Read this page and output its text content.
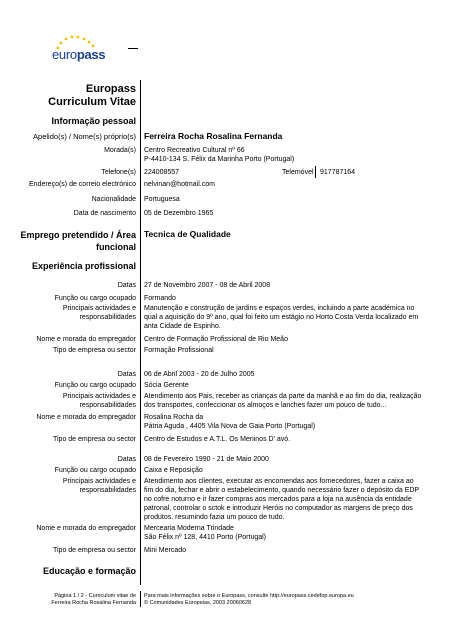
europass
Europass
Curriculum Vitae
Informação pessoal
Apelido(s) / Nome(s) próprio(s) Ferreira Rocha Rosalina Fernanda
Morada(s) Centro Recreativo Cultural nº 66
P-4410-134 S. Félix da Marinha Porto (Portugal)
Telefone(s) 224008557	Telemóvel 917787164
Endereço(s) de correio electrónico nelvinan@hotmail.com
Nacionalidade Portuguesa
Data de nascimento 05 de Dezembro 1965
Emprego pretendido / Área
funcional
Tecnica de Qualidade
Experiência profissional
Datas 27 de Novembro 2007 - 08 de Abril 2008
Função ou cargo ocupado Formando
Principais actividades e
responsabilidades
Manutenção e construção de jardins e espaços verdes, incluindo a parte académica no qual a aquisição do 9º ano, qual foi feito um estágio no Horto Costa Verda localizado em anta Cidade de Espinho.
Nome e morada do empregador Centro de Formação Profissional de Rio Meão
Tipo de empresa ou sector Formação Profissional
Datas 06 de Abril 2003 - 20 de Julho 2005
Função ou cargo ocupado Sócia Gerente
Principais actividades e
responsabilidades
Atendimento aos Pais, receber as crianças da parte da manhã e ao fim do dia, realização dos transportes, confeccionar os almoços e lanches fazer um pouco de tudo...
Nome e morada do empregador Rosalina Rocha da
Pátria Aguda , 4405 Vila Nova de Gaia Porto (Portugal)
Tipo de empresa ou sector Centro de Estudos e A.T.L. Os Meninos D' avó.
Datas 08 de Fevereiro 1990 - 21 de Maio 2000
Função ou cargo ocupado Caixa e Reposição
Principais actividades e
responsabilidades
Atendimento aos clientes, executar as encomendas aos fornecedores, fazer a caixa ao fim do dia, fechar e abrir o estabelecimento, quando necessário fazer o depósito da EDP no cofre noturno e ir fazer compras aos mercados para a loja na ausência da entidade patronal, controlar o sctok e introduzir Heróis no computador as margens de preço dos produtos. resumindo fazia um pouco de tudo.
Nome e morada do empregador Mercearia Moderna Trindade
São Félix nº 128, 4410 Porto (Portugal)
Tipo de empresa ou sector Mini Mercado
Educação e formação
Página 1 / 2 - Curriculum vitae de
Ferreira Rocha Rosalina Fernanda
Para mais informações sobre o Europass, consulte http://europass.cedefop.europa.eu
© Comunidades Europeias, 2003 20060628
